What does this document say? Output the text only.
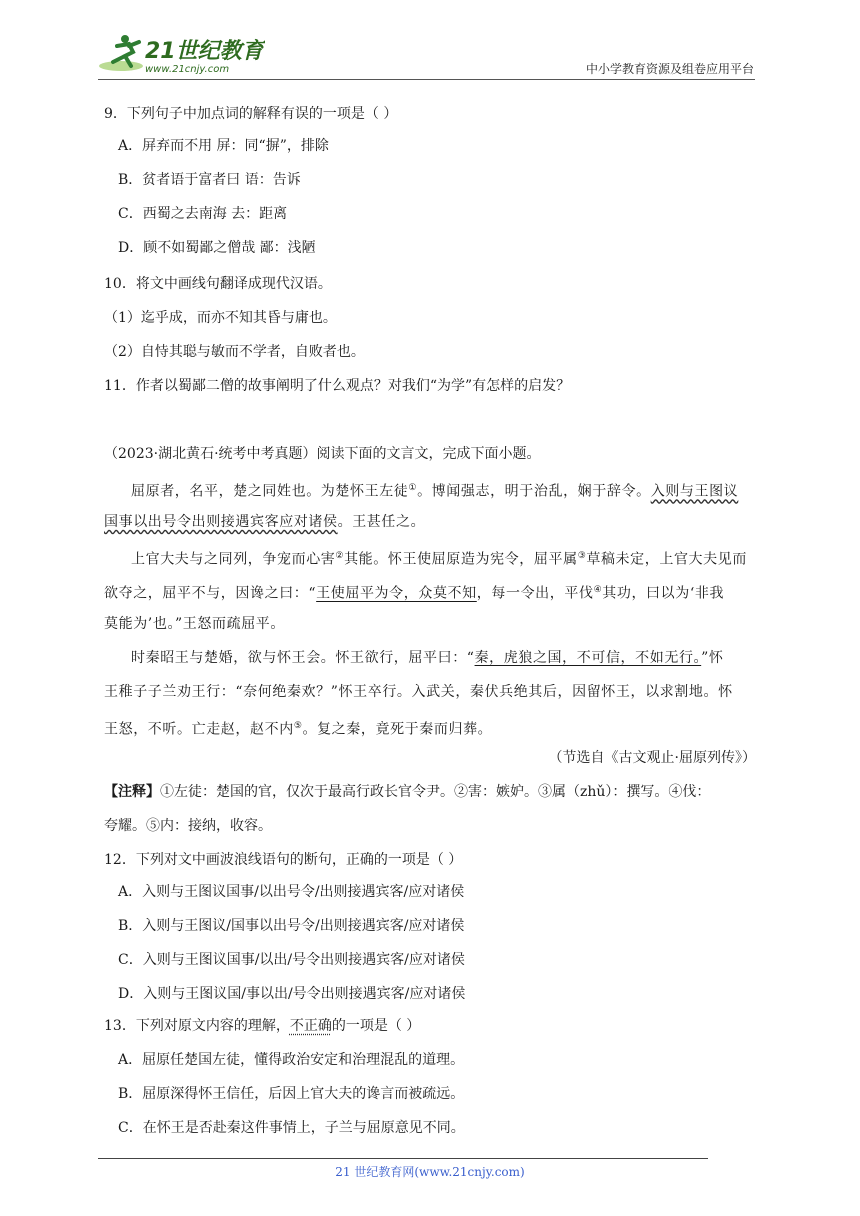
21世纪教育
www.21cnjy.com	中小学教育资源及组卷应用平台
9．下列句子中加点词的解释有误的一项是（ ）
A．屏弃而不用 屏：同“摒”，排除
B．贫者语于富者曰 语：告诉
C．西蜀之去南海 去：距离
D．顾不如蜀鄙之僧哉 鄙：浅陋
10．将文中画线句翻译成现代汉语。
（1）迄乎成，而亦不知其昏与庸也。
（2）自恃其聪与敏而不学者，自败者也。
11．作者以蜀鄙二僧的故事阐明了什么观点？对我们“为学”有怎样的启发？
（2023·湖北黄石·统考中考真题）阅读下面的文言文，完成下面小题。
屈原者，名平，楚之同姓也。为楚怀王左徒①。博闻强志，明于治乱，娴于辞令。入则与王图议
国事以出号令出则接遇宾客应对诸侯。王甚任之。
上官大夫与之同列，争宠而心害②其能。怀王使屈原造为宪令，屈平属③草稿未定，上官大夫见而
欲夺之，屈平不与，因谗之曰：“王使屈平为令，众莫不知，每一令出，平伐④其功，曰以为‘非我
莫能为’也。”王怒而疏屈平。
时秦昭王与楚婚，欲与怀王会。怀王欲行，屈平曰：“秦，虎狼之国，不可信，不如无行。”怀
王稚子子兰劝王行：“奈何绝秦欢？”怀王卒行。入武关，秦伏兵绝其后，因留怀王，以求割地。怀
王怒，不听。亡走赵，赵不内⑤。复之秦，竟死于秦而归葬。
（节选自《古文观止·屈原列传》）
【注释】①左徒：楚国的官，仅次于最高行政长官令尹。②害：嫉妒。③属（zhǔ）：撰写。④伐：
夸耀。⑤内：接纳，收容。
12．下列对文中画波浪线语句的断句，正确的一项是（ ）
A．入则与王图议国事/以出号令/出则接遇宾客/应对诸侯
B．入则与王图议/国事以出号令/出则接遇宾客/应对诸侯
C．入则与王图议国事/以出/号令出则接遇宾客/应对诸侯
D．入则与王图议国/事以出/号令出则接遇宾客/应对诸侯
13．下列对原文内容的理解，不正确的一项是（ ）
A．屈原任楚国左徒，懂得政治安定和治理混乱的道理。
B．屈原深得怀王信任，后因上官大夫的谗言而被疏远。
C．在怀王是否赴秦这件事情上，子兰与屈原意见不同。
21 世纪教育网(www.21cnjy.com)
